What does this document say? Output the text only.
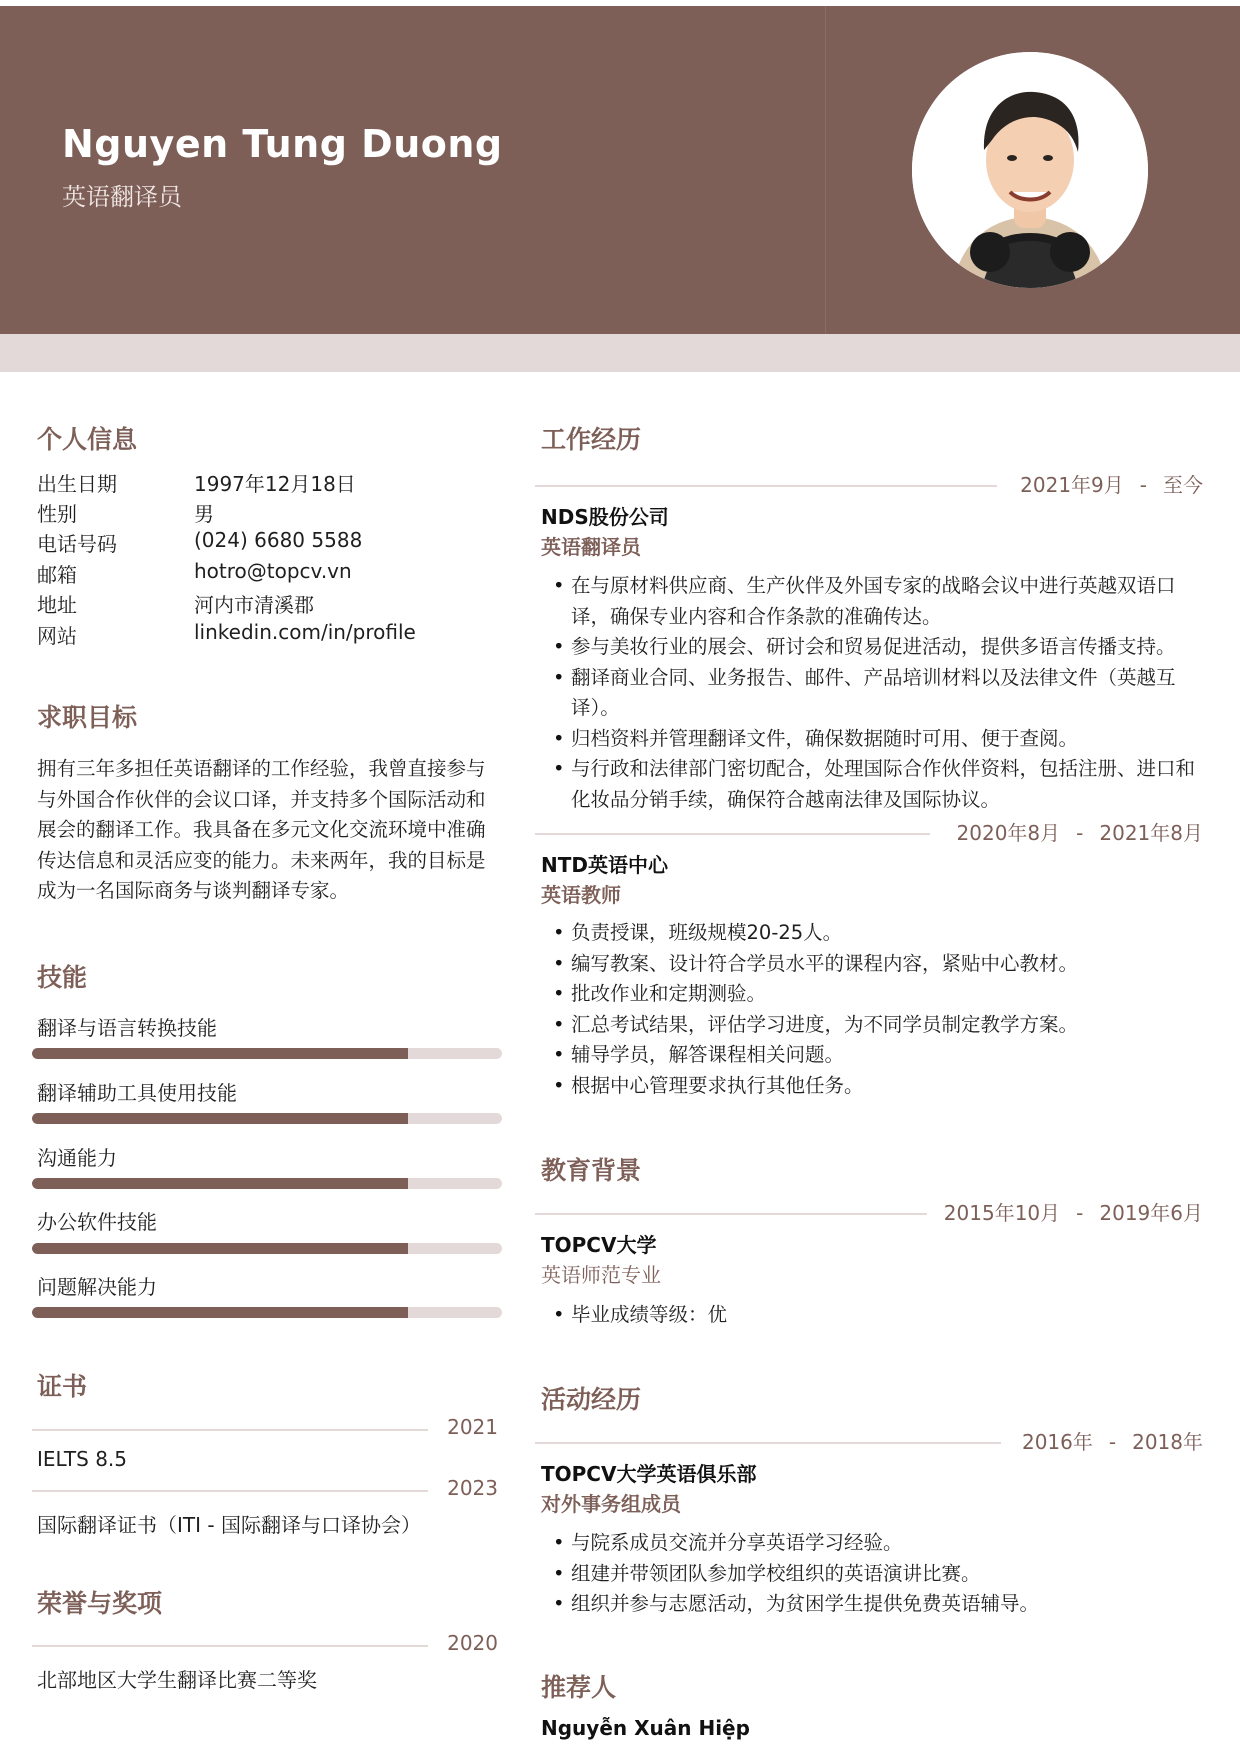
Nguyen Tung Duong
英语翻译员
个人信息
出生日期	1997年12月18日
性别	男
电话号码	(024) 6680 5588
邮箱	hotro@topcv.vn
地址	河内市清溪郡
网站	linkedin.com/in/profile
求职目标
拥有三年多担任英语翻译的工作经验，我曾直接参与与外国合作伙伴的会议口译，并支持多个国际活动和展会的翻译工作。我具备在多元文化交流环境中准确传达信息和灵活应变的能力。未来两年，我的目标是成为一名国际商务与谈判翻译专家。
技能
翻译与语言转换技能
翻译辅助工具使用技能
沟通能力
办公软件技能
问题解决能力
证书
2021
IELTS 8.5
2023
国际翻译证书（ITI - 国际翻译与口译协会）
荣誉与奖项
2020
北部地区大学生翻译比赛二等奖
工作经历
2021年9月 - 至今
NDS股份公司
英语翻译员
• 在与原材料供应商、生产伙伴及外国专家的战略会议中进行英越双语口译，确保专业内容和合作条款的准确传达。
• 参与美妆行业的展会、研讨会和贸易促进活动，提供多语言传播支持。
• 翻译商业合同、业务报告、邮件、产品培训材料以及法律文件（英越互译）。
• 归档资料并管理翻译文件，确保数据随时可用、便于查阅。
• 与行政和法律部门密切配合，处理国际合作伙伴资料，包括注册、进口和化妆品分销手续，确保符合越南法律及国际协议。
2020年8月 - 2021年8月
NTD英语中心
英语教师
• 负责授课，班级规模20-25人。
• 编写教案、设计符合学员水平的课程内容，紧贴中心教材。
• 批改作业和定期测验。
• 汇总考试结果，评估学习进度，为不同学员制定教学方案。
• 辅导学员，解答课程相关问题。
• 根据中心管理要求执行其他任务。
教育背景
2015年10月 - 2019年6月
TOPCV大学
英语师范专业
• 毕业成绩等级：优
活动经历
2016年 - 2018年
TOPCV大学英语俱乐部
对外事务组成员
• 与院系成员交流并分享英语学习经验。
• 组建并带领团队参加学校组织的英语演讲比赛。
• 组织并参与志愿活动，为贫困学生提供免费英语辅导。
推荐人
Nguyễn Xuân Hiệp
